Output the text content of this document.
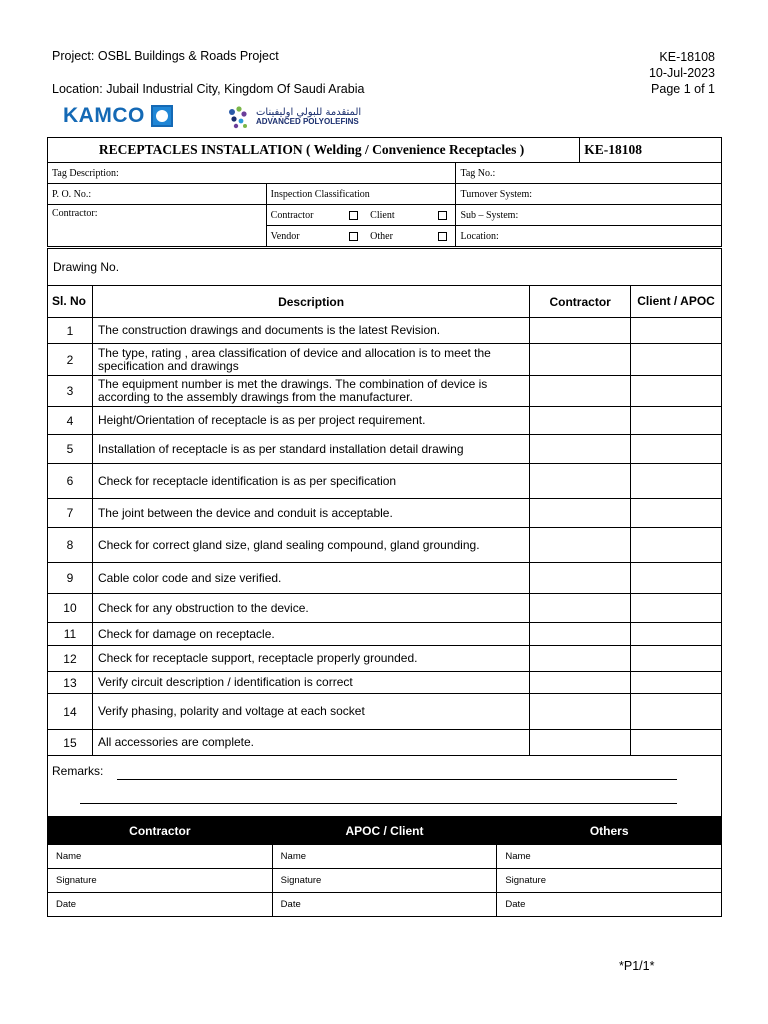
Project: OSBL Buildings & Roads Project
Location: Jubail Industrial City, Kingdom Of Saudi Arabia
KE-18108
10-Jul-2023
Page 1 of 1
KAMCO	المتقدمة للبولي اوليفينات
ADVANCED POLYOLEFINS
RECEPTACLES INSTALLATION ( Welding / Convenience Receptacles )			KE-18108
Tag Description:		Tag No.:	
P. O. No.:	Inspection Classification	Turnover System:	
Contractor:	Contractor Client	Sub – System:	
	Vendor Other	Location:	
Drawing No.			
Sl. No	Description	Contractor	Client / APOC
1	The construction drawings and documents is the latest Revision.		
2	The type, rating , area classification of device and allocation is to meet the specification and drawings		
3	The equipment number is met the drawings. The combination of device is according to the assembly drawings from the manufacturer.		
4	Height/Orientation of receptacle is as per project requirement.		
5	Installation of receptacle is as per standard installation detail drawing		
6	Check for receptacle identification is as per specification		
7	The joint between the device and conduit is acceptable.		
8	Check for correct gland size, gland sealing compound, gland grounding.		
9	Cable color code and size verified.		
10	Check for any obstruction to the device.		
11	Check for damage on receptacle.		
12	Check for receptacle support, receptacle properly grounded.		
13	Verify circuit description / identification is correct		
14	Verify phasing, polarity and voltage at each socket		
15	All accessories are complete.		
Remarks:
Contractor	APOC / Client	Others
Name	Name	Name
Signature	Signature	Signature
Date	Date	Date
*P1/1*
